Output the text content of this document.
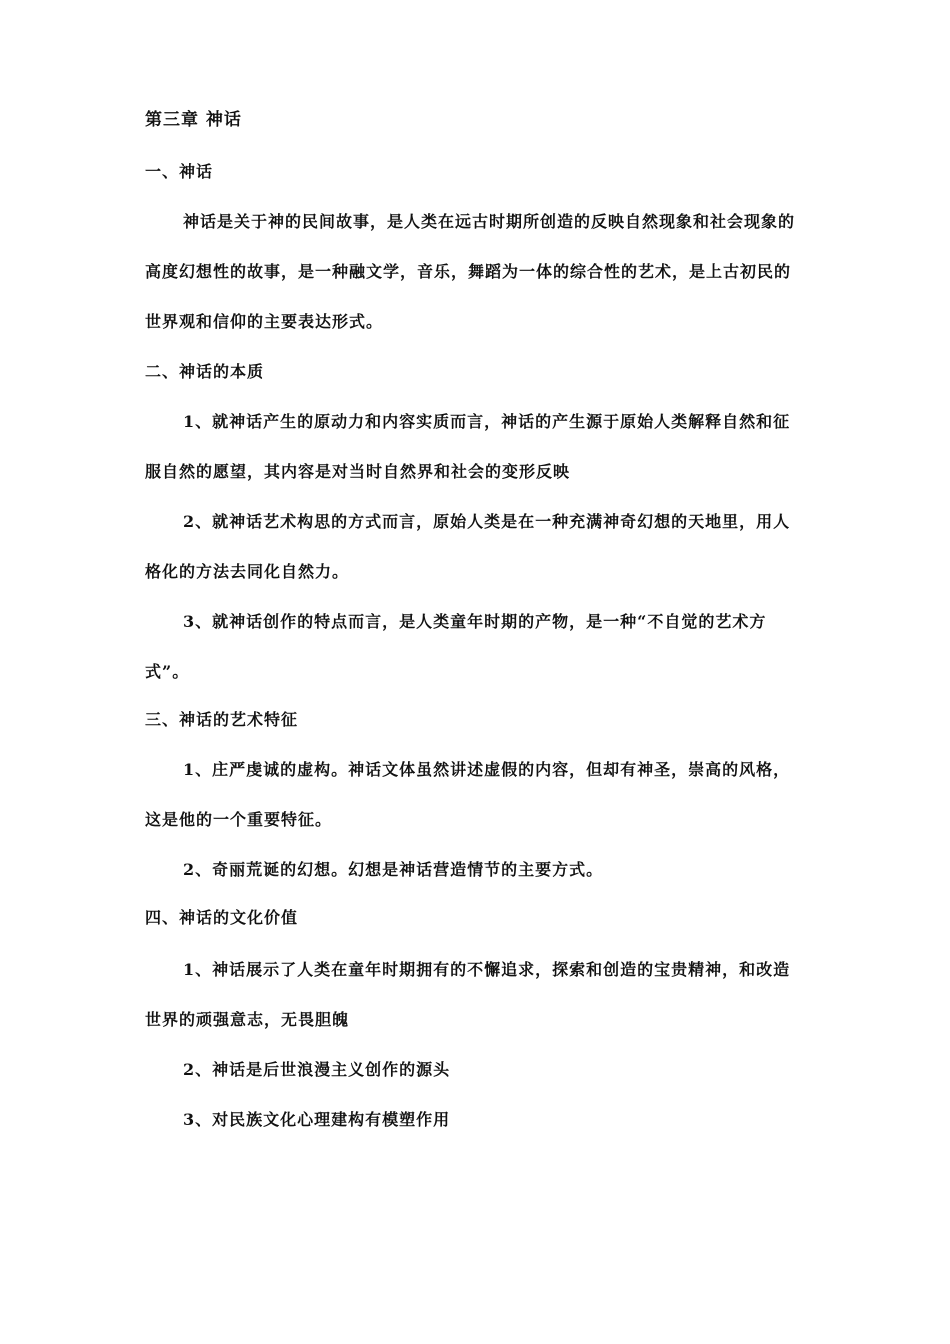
第三章 神话
一、神话

神话是关于神的民间故事，是人类在远古时期所创造的反映自然现象和社会现象的高度幻想性的故事，是一种融文学，音乐，舞蹈为一体的综合性的艺术，是上古初民的世界观和信仰的主要表达形式。

二、神话的本质

1、就神话产生的原动力和内容实质而言，神话的产生源于原始人类解释自然和征服自然的愿望，其内容是对当时自然界和社会的变形反映

2、就神话艺术构思的方式而言，原始人类是在一种充满神奇幻想的天地里，用人格化的方法去同化自然力。

3、就神话创作的特点而言，是人类童年时期的产物，是一种“不自觉的艺术方式”。

三、神话的艺术特征

1、庄严虔诚的虚构。神话文体虽然讲述虚假的内容，但却有神圣，崇高的风格，这是他的一个重要特征。

2、奇丽荒诞的幻想。幻想是神话营造情节的主要方式。

四、神话的文化价值

1、神话展示了人类在童年时期拥有的不懈追求，探索和创造的宝贵精神，和改造世界的顽强意志，无畏胆魄

2、神话是后世浪漫主义创作的源头

3、对民族文化心理建构有模塑作用
